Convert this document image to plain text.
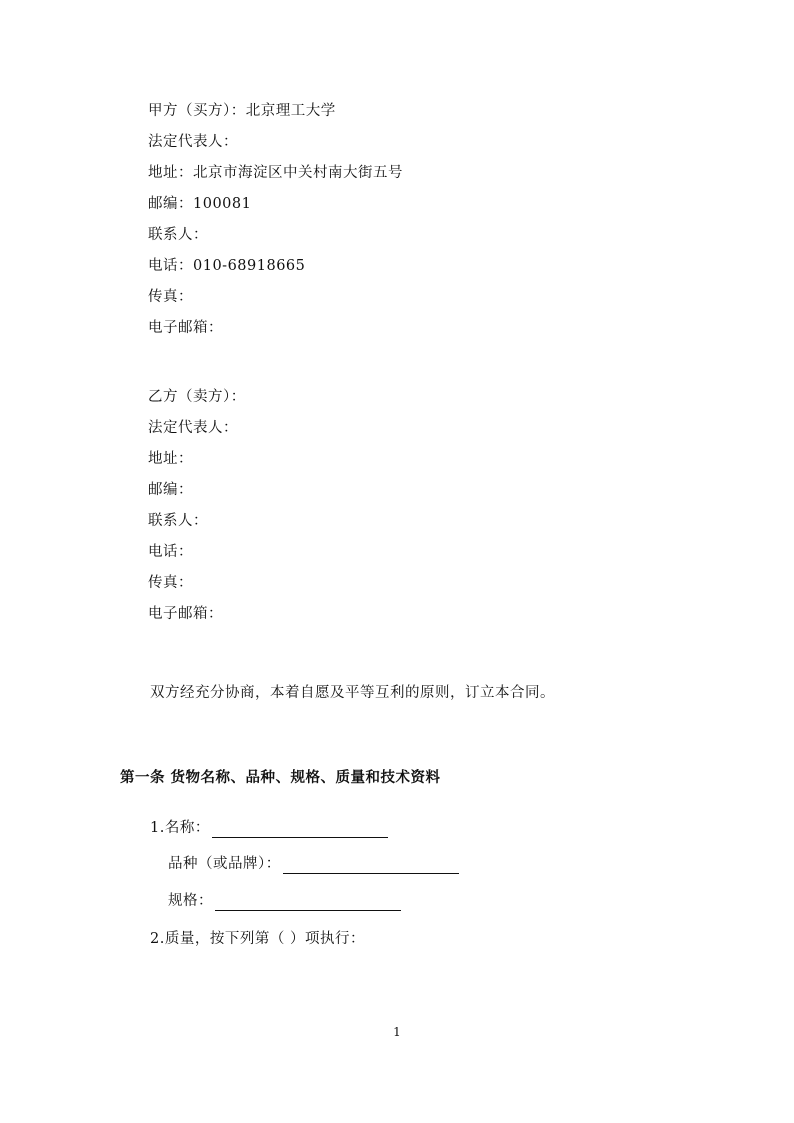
甲方（买方）：北京理工大学
法定代表人：
地址：北京市海淀区中关村南大街五号
邮编：100081
联系人：
电话：010-68918665
传真：
电子邮箱：
乙方（卖方）：
法定代表人：
地址：
邮编：
联系人：
电话：
传真：
电子邮箱：
双方经充分协商，本着自愿及平等互利的原则，订立本合同。
第一条 货物名称、品种、规格、质量和技术资料
1.名称：
品种（或品牌）：
规格：
2.质量，按下列第（ ）项执行：
1
